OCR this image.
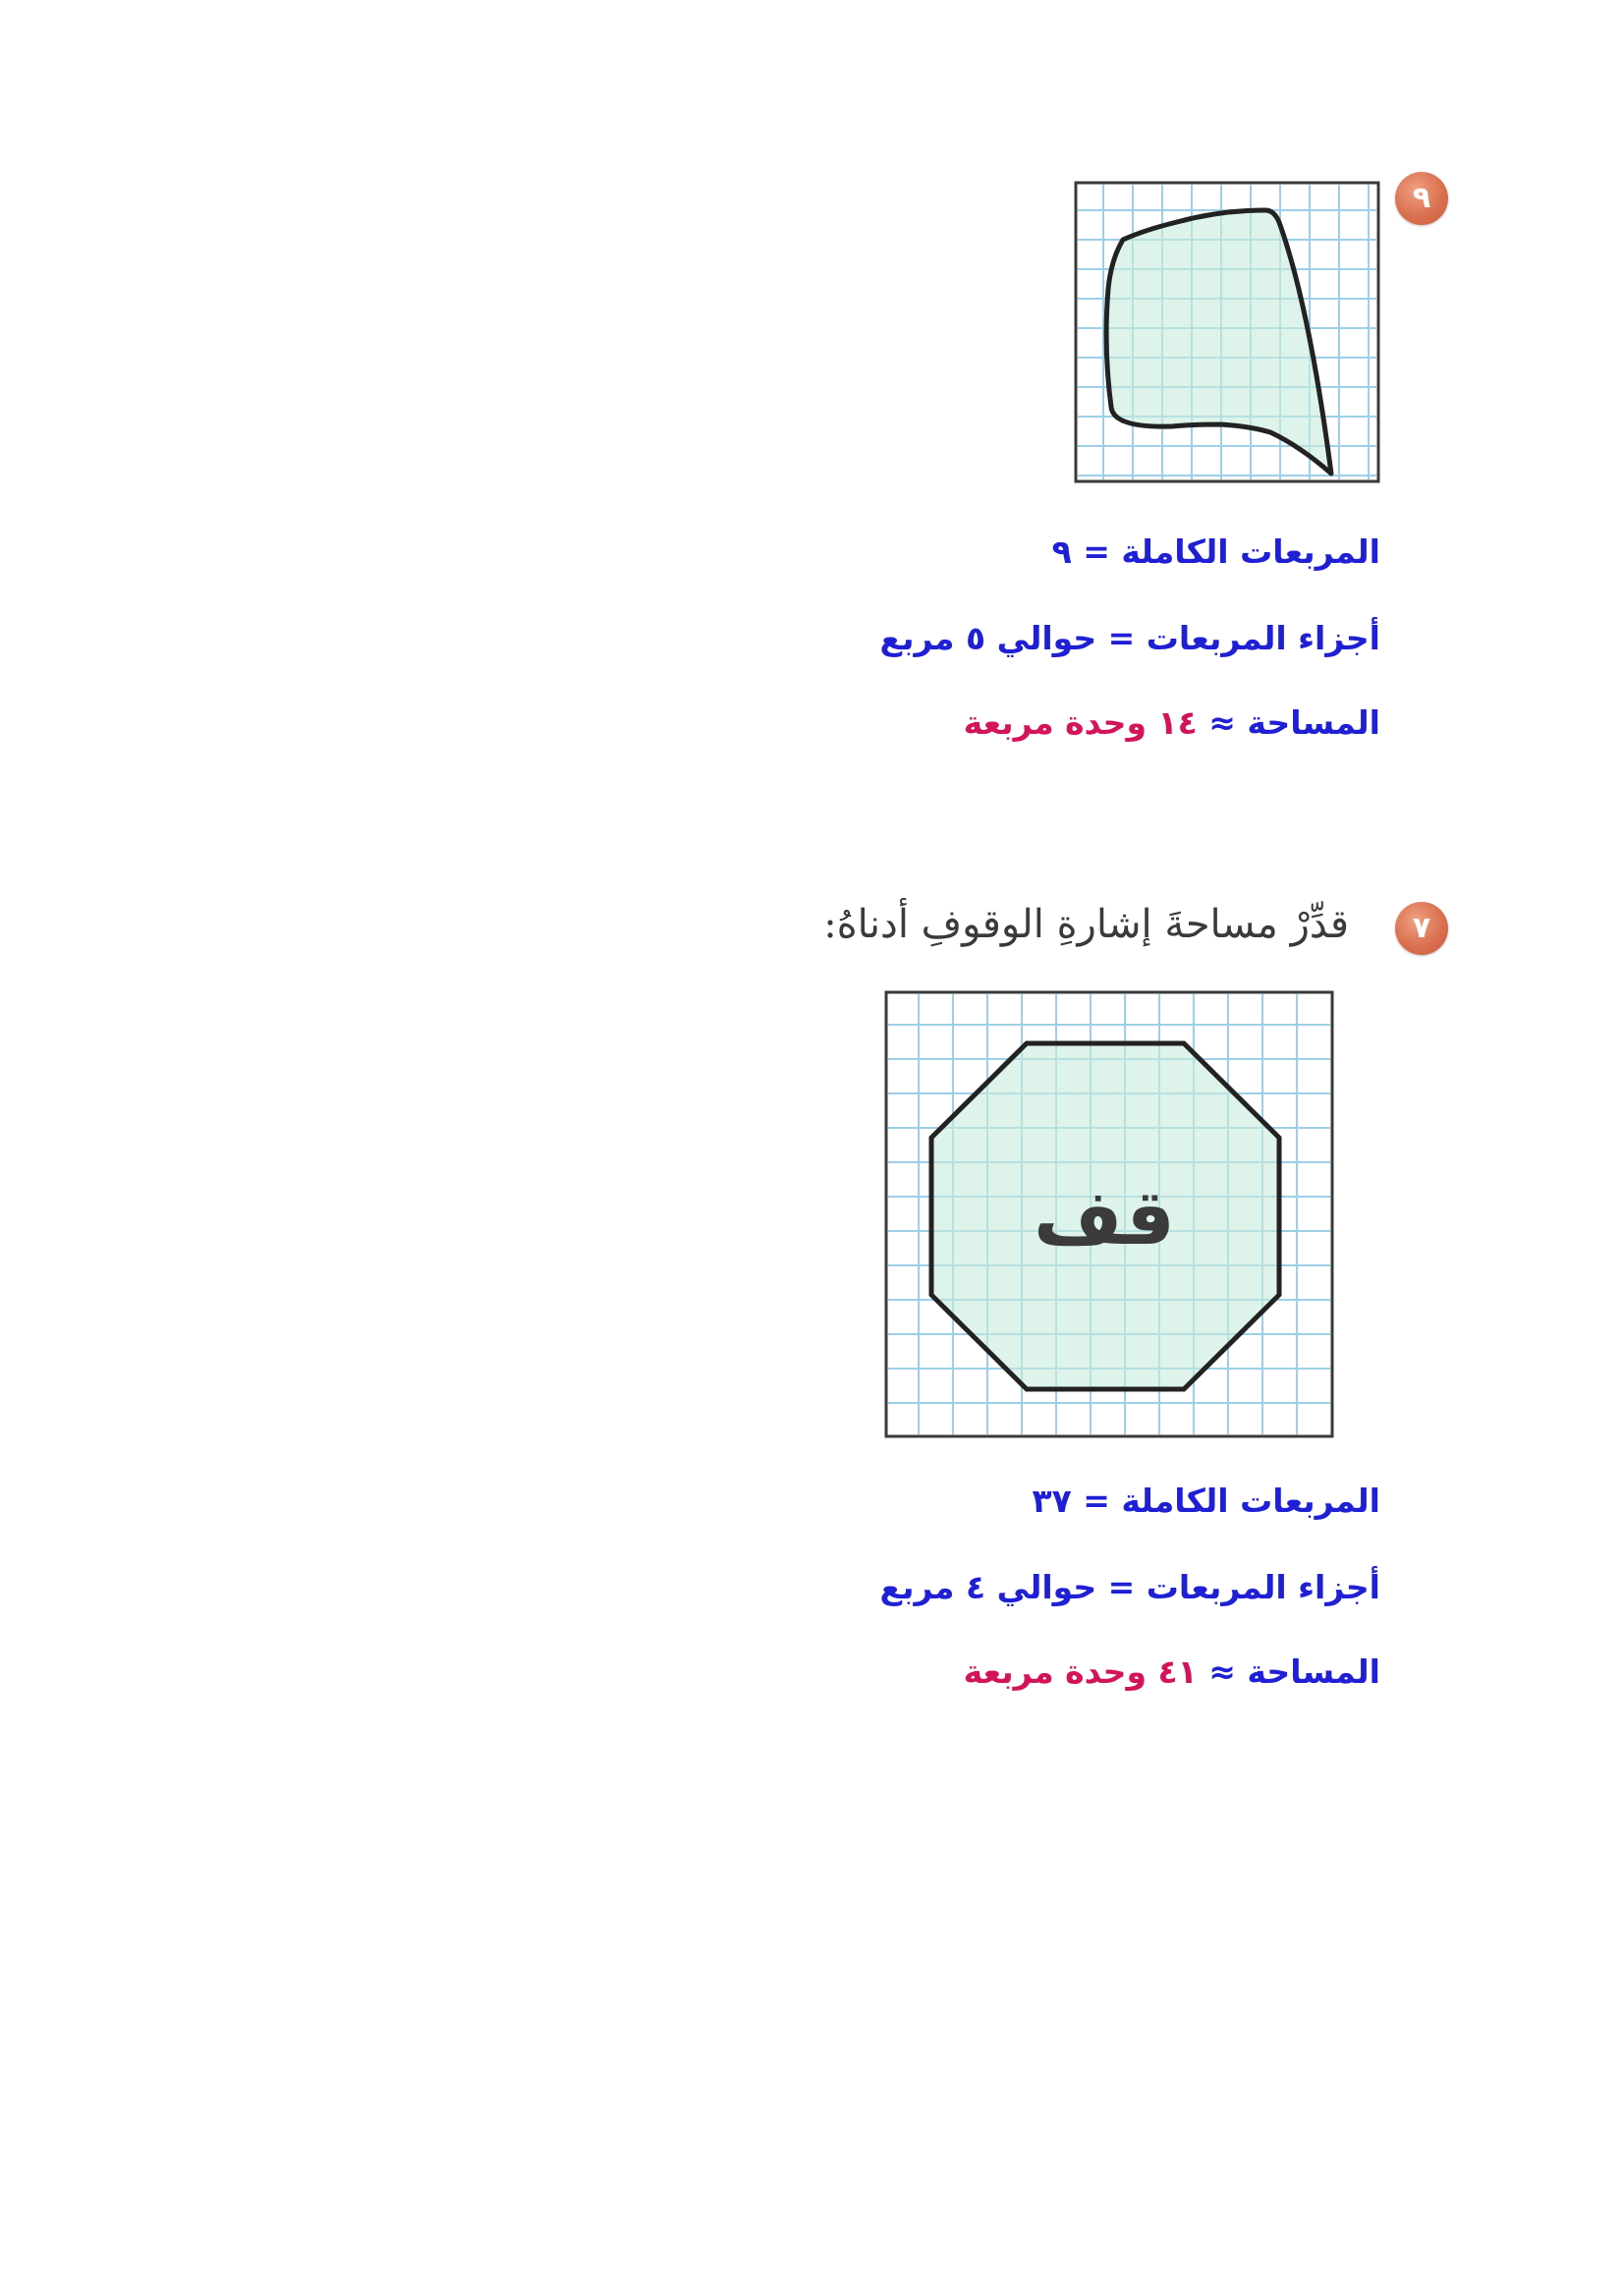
٩
المربعات الكاملة = ٩
أجزاء المربعات = حوالي ٥ مربع
المساحة ≈ ١٤ وحدة مربعة
٧
قدِّرْ مساحةَ إشارةِ الوقوفِ أدناهُ:
قف
المربعات الكاملة = ٣٧
أجزاء المربعات = حوالي ٤ مربع
المساحة ≈ ٤١ وحدة مربعة
